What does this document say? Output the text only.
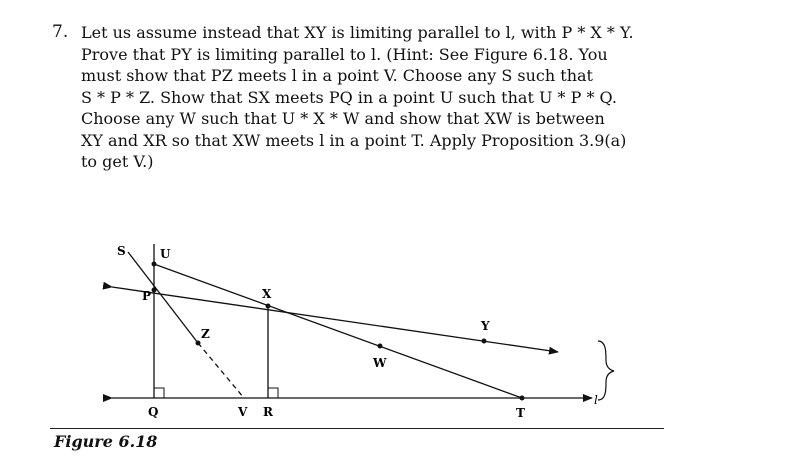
7. Let us assume instead that XY is limiting parallel to l, with P * X * Y.
Prove that PY is limiting parallel to l. (Hint: See Figure 6.18. You
must show that PZ meets l in a point V. Choose any S such that
S * P * Z. Show that SX meets PQ in a point U such that U * P * Q.
Choose any W such that U * X * W and show that XW is between
XY and XR so that XW meets l in a point T. Apply Proposition 3.9(a)
to get V.)
S	U
P	X
Z
Y
W
Q	V R	T
l
Figure 6.18
